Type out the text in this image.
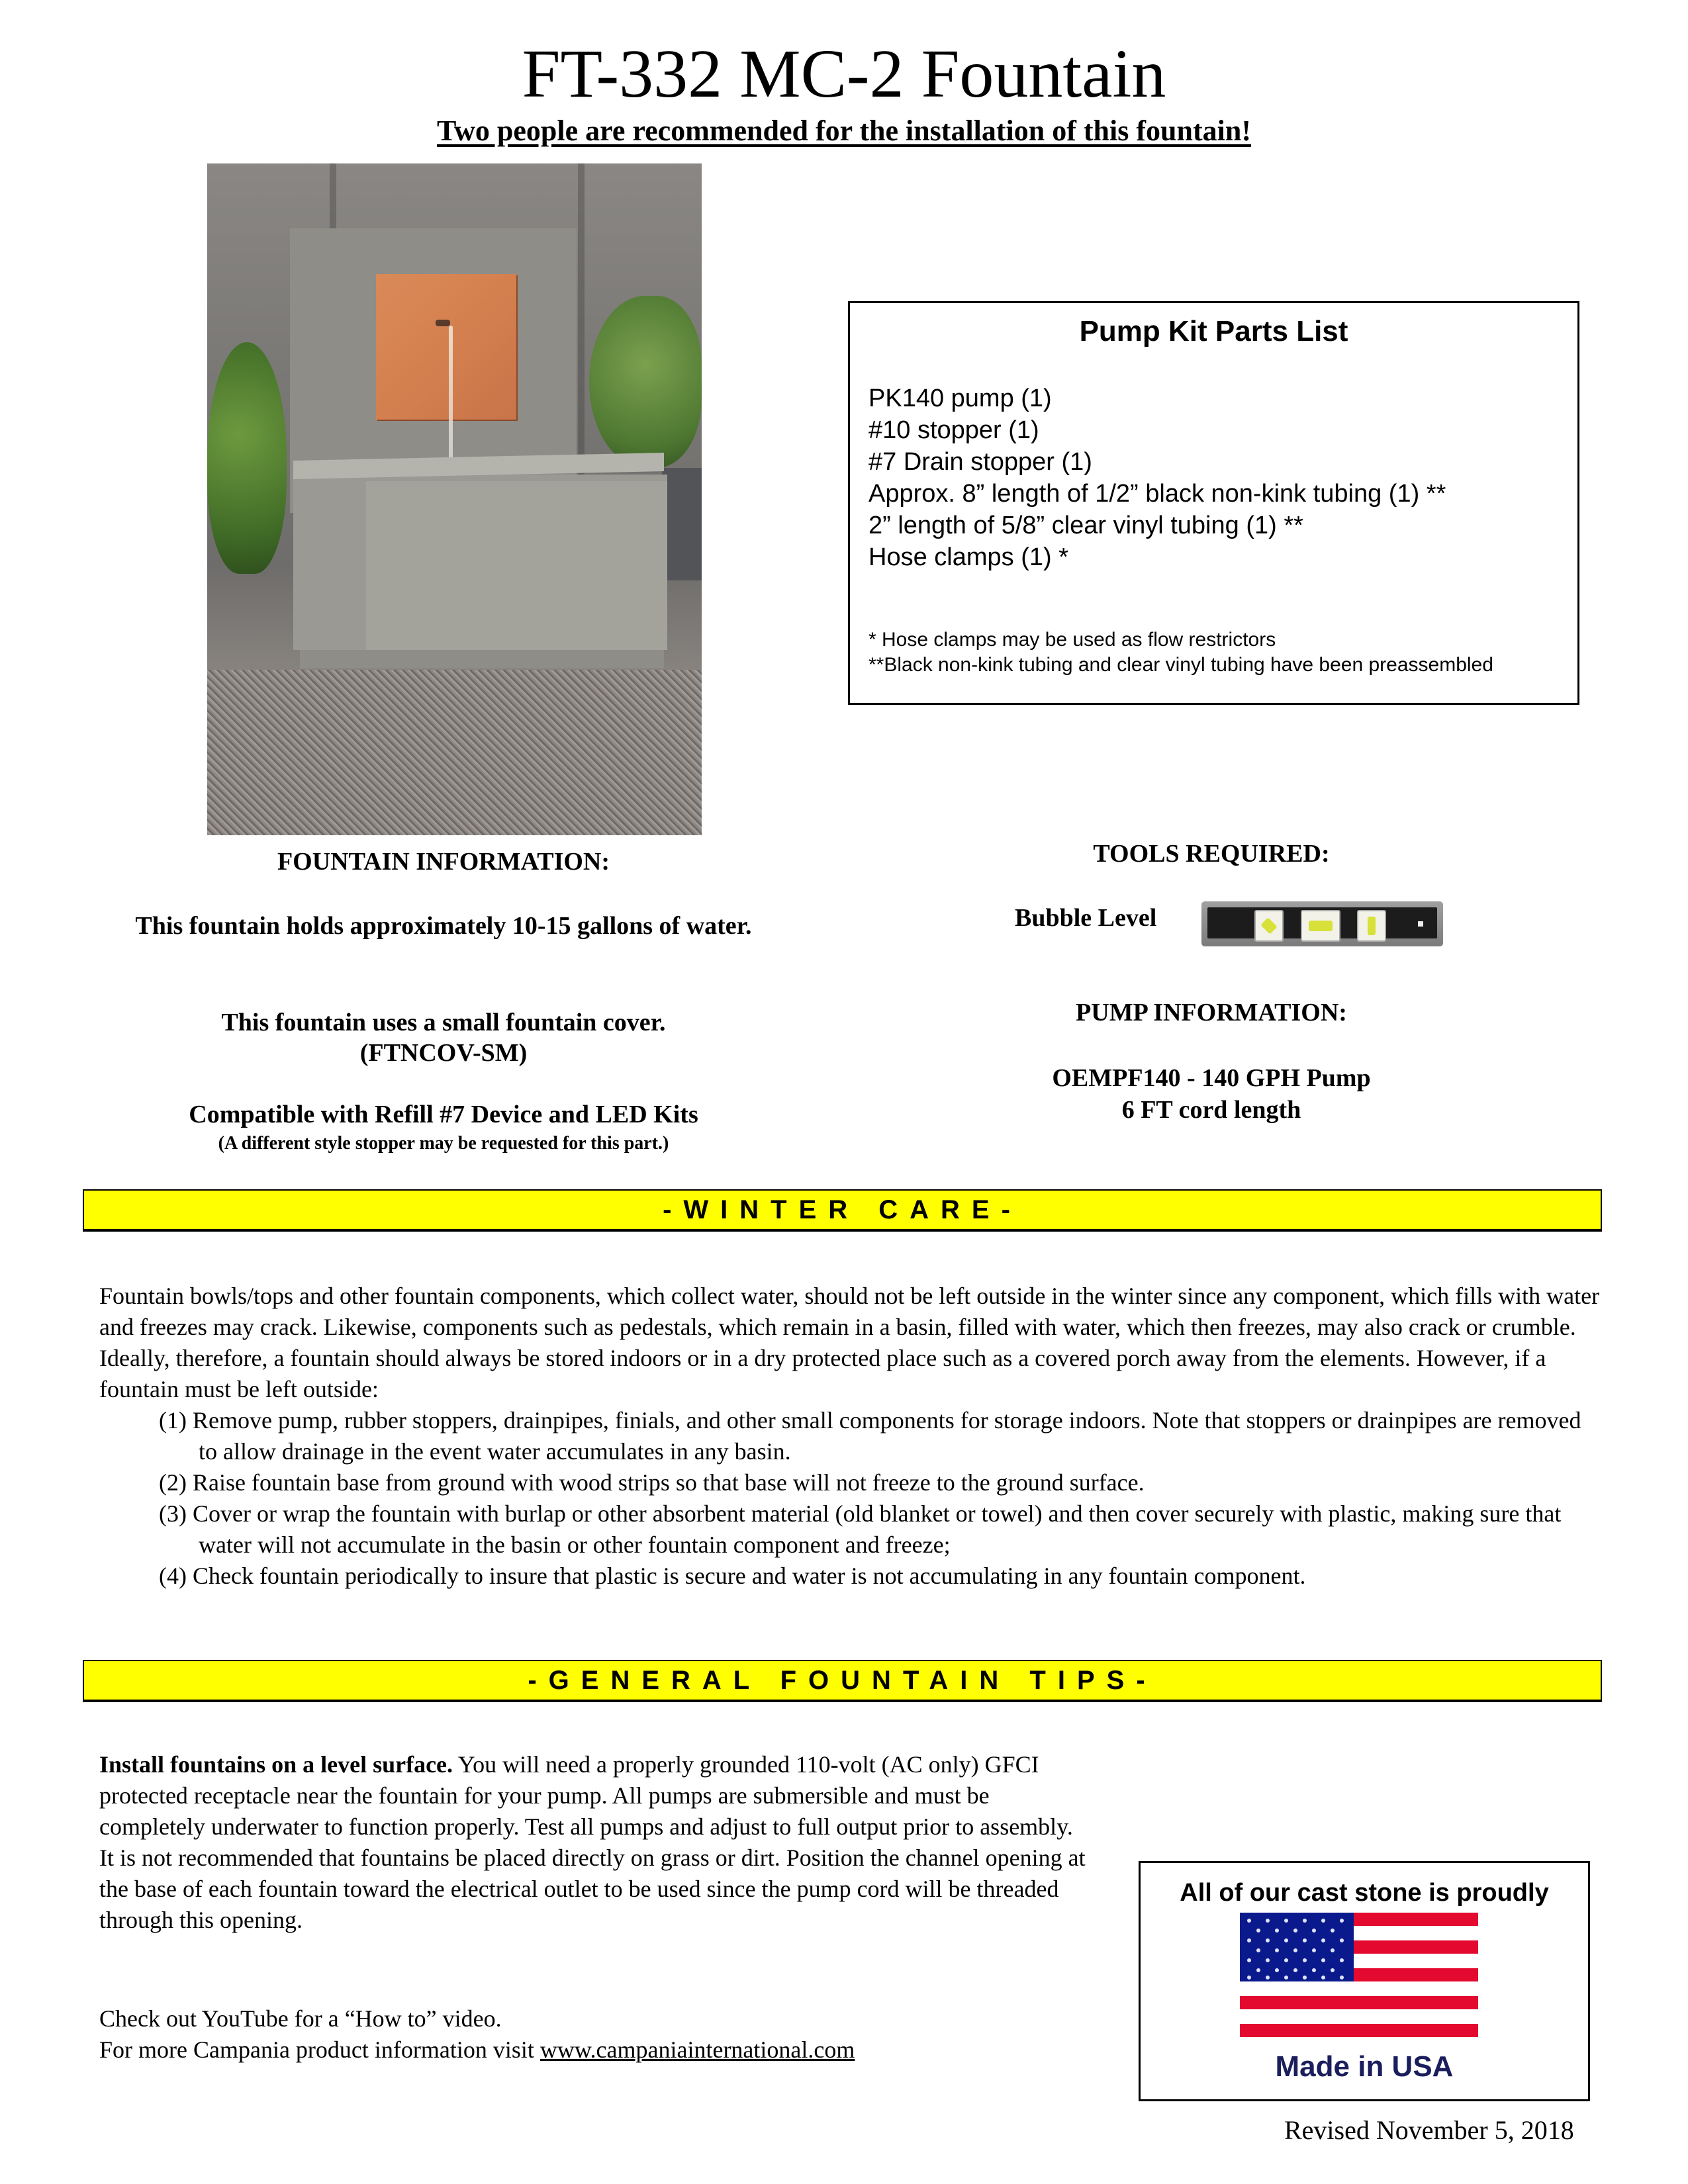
FT-332 MC-2 Fountain
Two people are recommended for the installation of this fountain!
Pump Kit Parts List
PK140 pump (1)
#10 stopper (1)
#7 Drain stopper (1)
Approx. 8” length of 1/2” black non-kink tubing (1) **
2” length of 5/8” clear vinyl tubing (1) **
Hose clamps (1) *
* Hose clamps may be used as flow restrictors
**Black non-kink tubing and clear vinyl tubing have been preassembled
FOUNTAIN INFORMATION:
This fountain holds approximately 10-15 gallons of water.
This fountain uses a small fountain cover.
(FTNCOV-SM)
Compatible with Refill #7 Device and LED Kits
(A different style stopper may be requested for this part.)
TOOLS REQUIRED:
Bubble Level
PUMP INFORMATION:
OEMPF140 - 140 GPH Pump
6 FT cord length
-WINTER CARE-
Fountain bowls/tops and other fountain components, which collect water, should not be left outside in the winter since any component, which fills with water and freezes may crack. Likewise, components such as pedestals, which remain in a basin, filled with water, which then freezes, may also crack or crumble. Ideally, therefore, a fountain should always be stored indoors or in a dry protected place such as a covered porch away from the elements. However, if a fountain must be left outside:
(1) Remove pump, rubber stoppers, drainpipes, finials, and other small components for storage indoors. Note that stoppers or drainpipes are removed to allow drainage in the event water accumulates in any basin.
(2) Raise fountain base from ground with wood strips so that base will not freeze to the ground surface.
(3) Cover or wrap the fountain with burlap or other absorbent material (old blanket or towel) and then cover securely with plastic, making sure that water will not accumulate in the basin or other fountain component and freeze;
(4) Check fountain periodically to insure that plastic is secure and water is not accumulating in any fountain component.
-GENERAL FOUNTAIN TIPS-
Install fountains on a level surface. You will need a properly grounded 110-volt (AC only) GFCI protected receptacle near the fountain for your pump. All pumps are submersible and must be completely underwater to function properly. Test all pumps and adjust to full output prior to assembly. It is not recommended that fountains be placed directly on grass or dirt. Position the channel opening at the base of each fountain toward the electrical outlet to be used since the pump cord will be threaded through this opening.
Check out YouTube for a “How to” video.
For more Campania product information visit www.campaniainternational.com
All of our cast stone is proudly
Made in USA
Revised November 5, 2018
